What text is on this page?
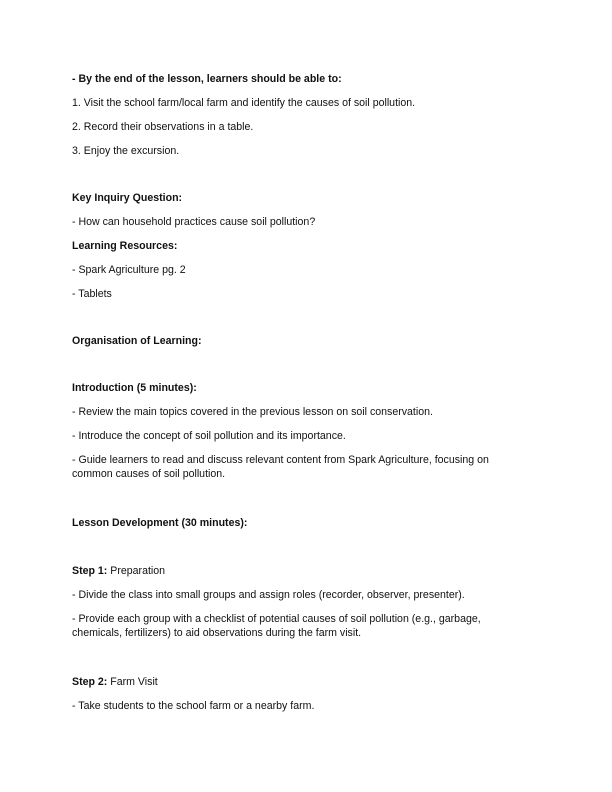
- By the end of the lesson, learners should be able to:
1. Visit the school farm/local farm and identify the causes of soil pollution.
2. Record their observations in a table.
3. Enjoy the excursion.
Key Inquiry Question:
- How can household practices cause soil pollution?
Learning Resources:
- Spark Agriculture pg. 2
- Tablets
Organisation of Learning:
Introduction (5 minutes):
- Review the main topics covered in the previous lesson on soil conservation.
- Introduce the concept of soil pollution and its importance.
- Guide learners to read and discuss relevant content from Spark Agriculture, focusing on common causes of soil pollution.
Lesson Development (30 minutes):
Step 1: Preparation
- Divide the class into small groups and assign roles (recorder, observer, presenter).
- Provide each group with a checklist of potential causes of soil pollution (e.g., garbage, chemicals, fertilizers) to aid observations during the farm visit.
Step 2: Farm Visit
- Take students to the school farm or a nearby farm.
